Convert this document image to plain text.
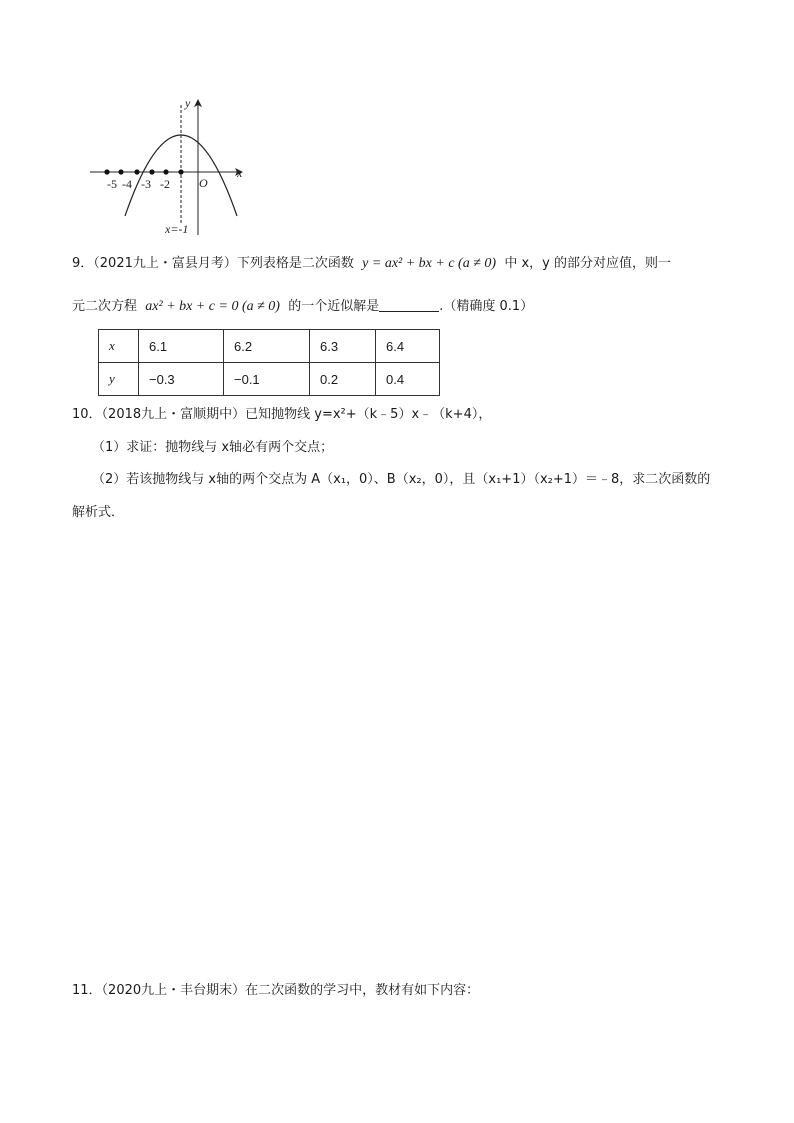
y
x
O
-5 -4 -3 -2
x=-1
9．（2021九上・富县月考）下列表格是二次函数 y = ax² + bx + c (a ≠ 0) 中 x，y 的部分对应值，则一
元二次方程 ax² + bx + c = 0 (a ≠ 0) 的一个近似解是	.（精确度 0.1）
x	6.1	6.2	6.3	6.4
y	−0.3	−0.1	0.2	0.4
10．（2018九上・富顺期中）已知抛物线 y=x²+（k﹣5）x﹣（k+4），
（1）求证：抛物线与 x轴必有两个交点；
（2）若该抛物线与 x轴的两个交点为 A（x₁，0）、B（x₂，0），且（x₁+1）（x₂+1）＝﹣8，求二次函数的
解析式．
11．（2020九上・丰台期末）在二次函数的学习中，教材有如下内容：
